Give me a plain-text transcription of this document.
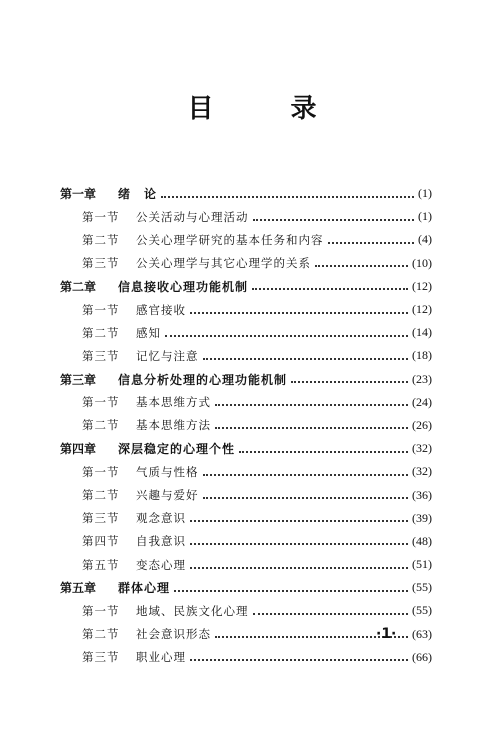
目 录
第一章	绪　论	(1)
第一节	公关活动与心理活动	(1)
第二节	公关心理学研究的基本任务和内容	(4)
第三节	公关心理学与其它心理学的关系	(10)
第二章	信息接收心理功能机制	(12)
第一节	感官接收	(12)
第二节	感知	(14)
第三节	记忆与注意	(18)
第三章	信息分析处理的心理功能机制	(23)
第一节	基本思维方式	(24)
第二节	基本思维方法	(26)
第四章	深层稳定的心理个性	(32)
第一节	气质与性格	(32)
第二节	兴趣与爱好	(36)
第三节	观念意识	(39)
第四节	自我意识	(48)
第五节	变态心理	(51)
第五章	群体心理	(55)
第一节	地域、民族文化心理	(55)
第二节	社会意识形态	(63)
第三节	职业心理	(66)
·1·
